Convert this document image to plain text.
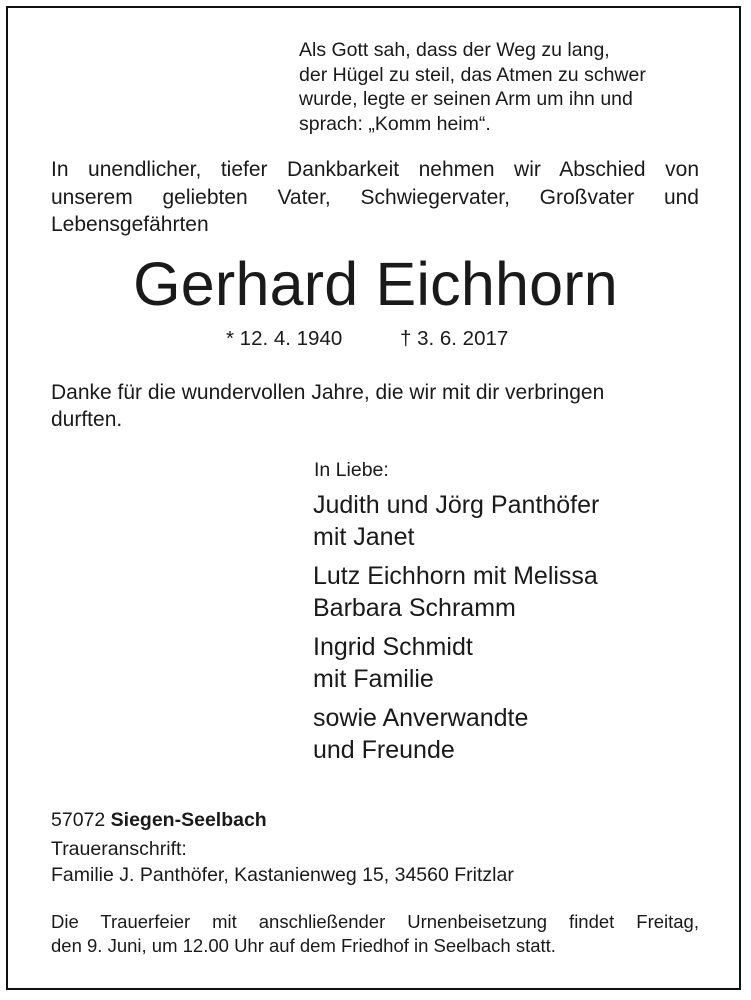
Als Gott sah, dass der Weg zu lang,
der Hügel zu steil, das Atmen zu schwer
wurde, legte er seinen Arm um ihn und
sprach: „Komm heim“.
In unendlicher, tiefer Dankbarkeit nehmen wir Abschied von
unserem geliebten Vater, Schwiegervater, Großvater und
Lebensgefährten
Gerhard Eichhorn
* 12. 4. 1940	† 3. 6. 2017
Danke für die wundervollen Jahre, die wir mit dir verbringen
durften.
In Liebe:
Judith und Jörg Panthöfer
mit Janet
Lutz Eichhorn mit Melissa
Barbara Schramm
Ingrid Schmidt
mit Familie
sowie Anverwandte
und Freunde
57072 Siegen-Seelbach
Traueranschrift:
Familie J. Panthöfer, Kastanienweg 15, 34560 Fritzlar
Die Trauerfeier mit anschließender Urnenbeisetzung findet Freitag,
den 9. Juni, um 12.00 Uhr auf dem Friedhof in Seelbach statt.
